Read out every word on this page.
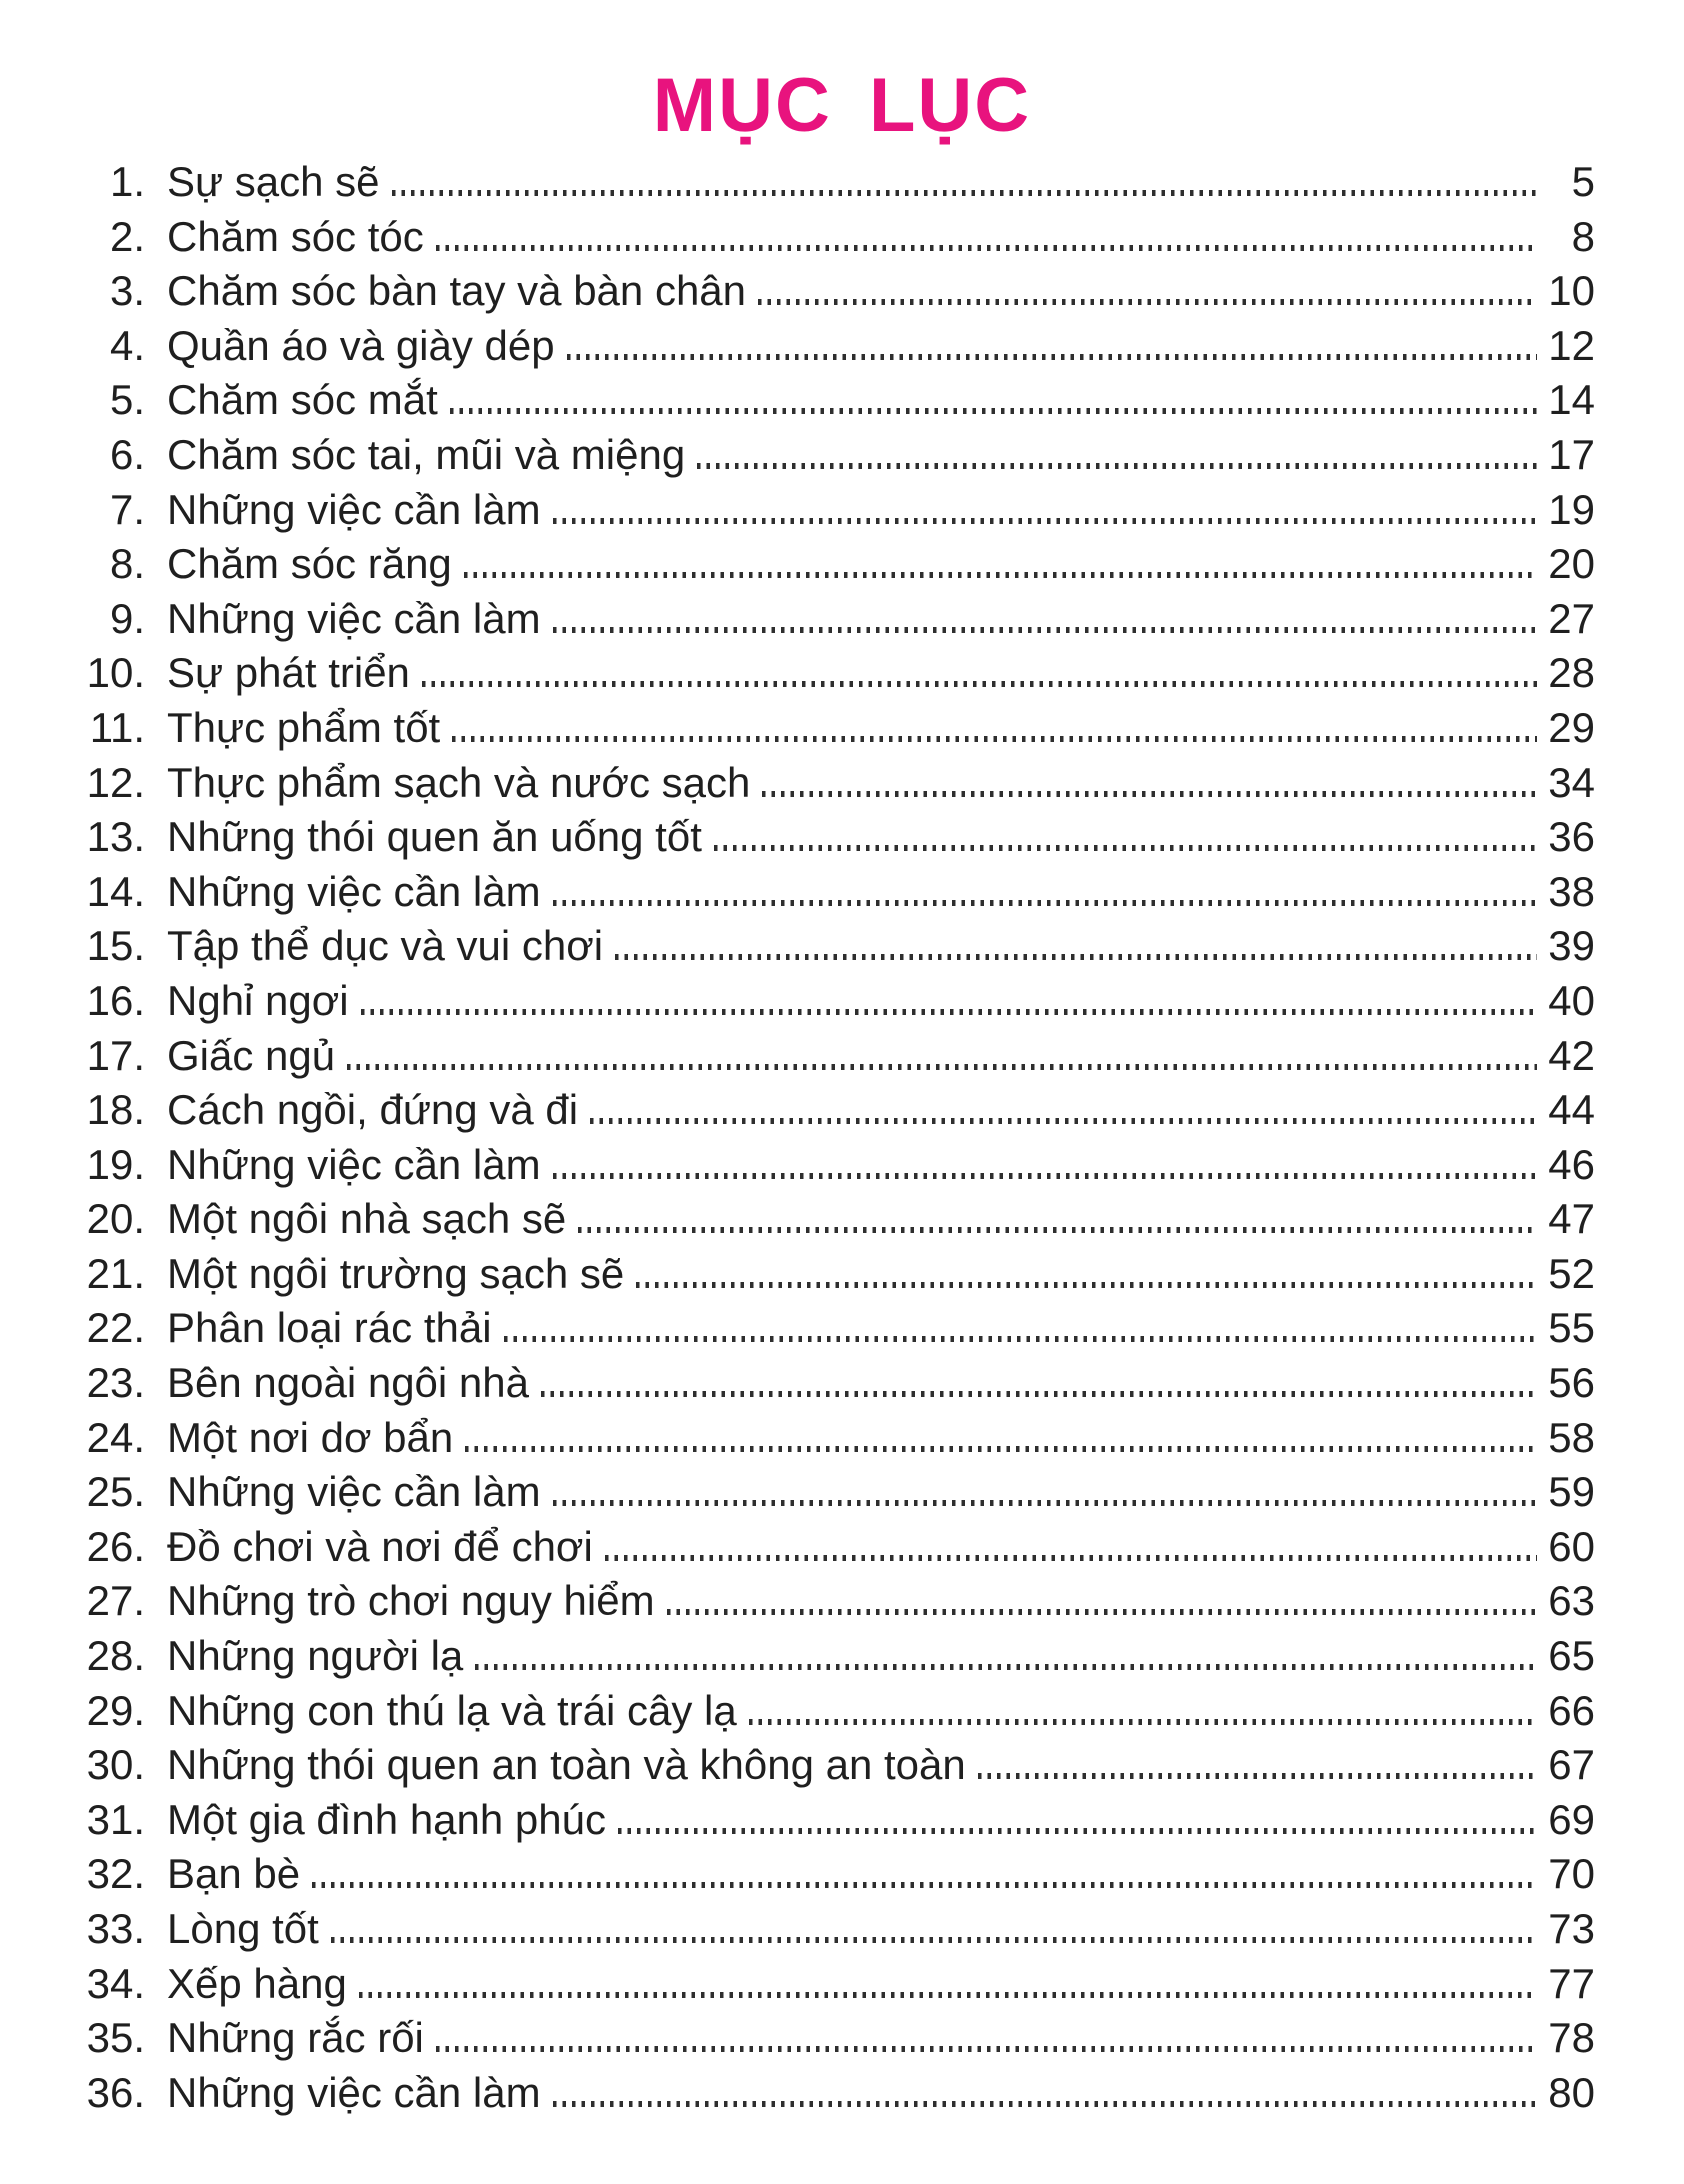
MỤC LỤC
1. Sự sạch sẽ	5
2. Chăm sóc tóc	8
3. Chăm sóc bàn tay và bàn chân	10
4. Quần áo và giày dép	12
5. Chăm sóc mắt	14
6. Chăm sóc tai, mũi và miệng	17
7. Những việc cần làm	19
8. Chăm sóc răng	20
9. Những việc cần làm	27
10. Sự phát triển	28
11. Thực phẩm tốt	29
12. Thực phẩm sạch và nước sạch	34
13. Những thói quen ăn uống tốt	36
14. Những việc cần làm	38
15. Tập thể dục và vui chơi	39
16. Nghỉ ngơi	40
17. Giấc ngủ	42
18. Cách ngồi, đứng và đi	44
19. Những việc cần làm	46
20. Một ngôi nhà sạch sẽ	47
21. Một ngôi trường sạch sẽ	52
22. Phân loại rác thải	55
23. Bên ngoài ngôi nhà	56
24. Một nơi dơ bẩn	58
25. Những việc cần làm	59
26. Đồ chơi và nơi để chơi	60
27. Những trò chơi nguy hiểm	63
28. Những người lạ	65
29. Những con thú lạ và trái cây lạ	66
30. Những thói quen an toàn và không an toàn	67
31. Một gia đình hạnh phúc	69
32. Bạn bè	70
33. Lòng tốt	73
34. Xếp hàng	77
35. Những rắc rối	78
36. Những việc cần làm	80
